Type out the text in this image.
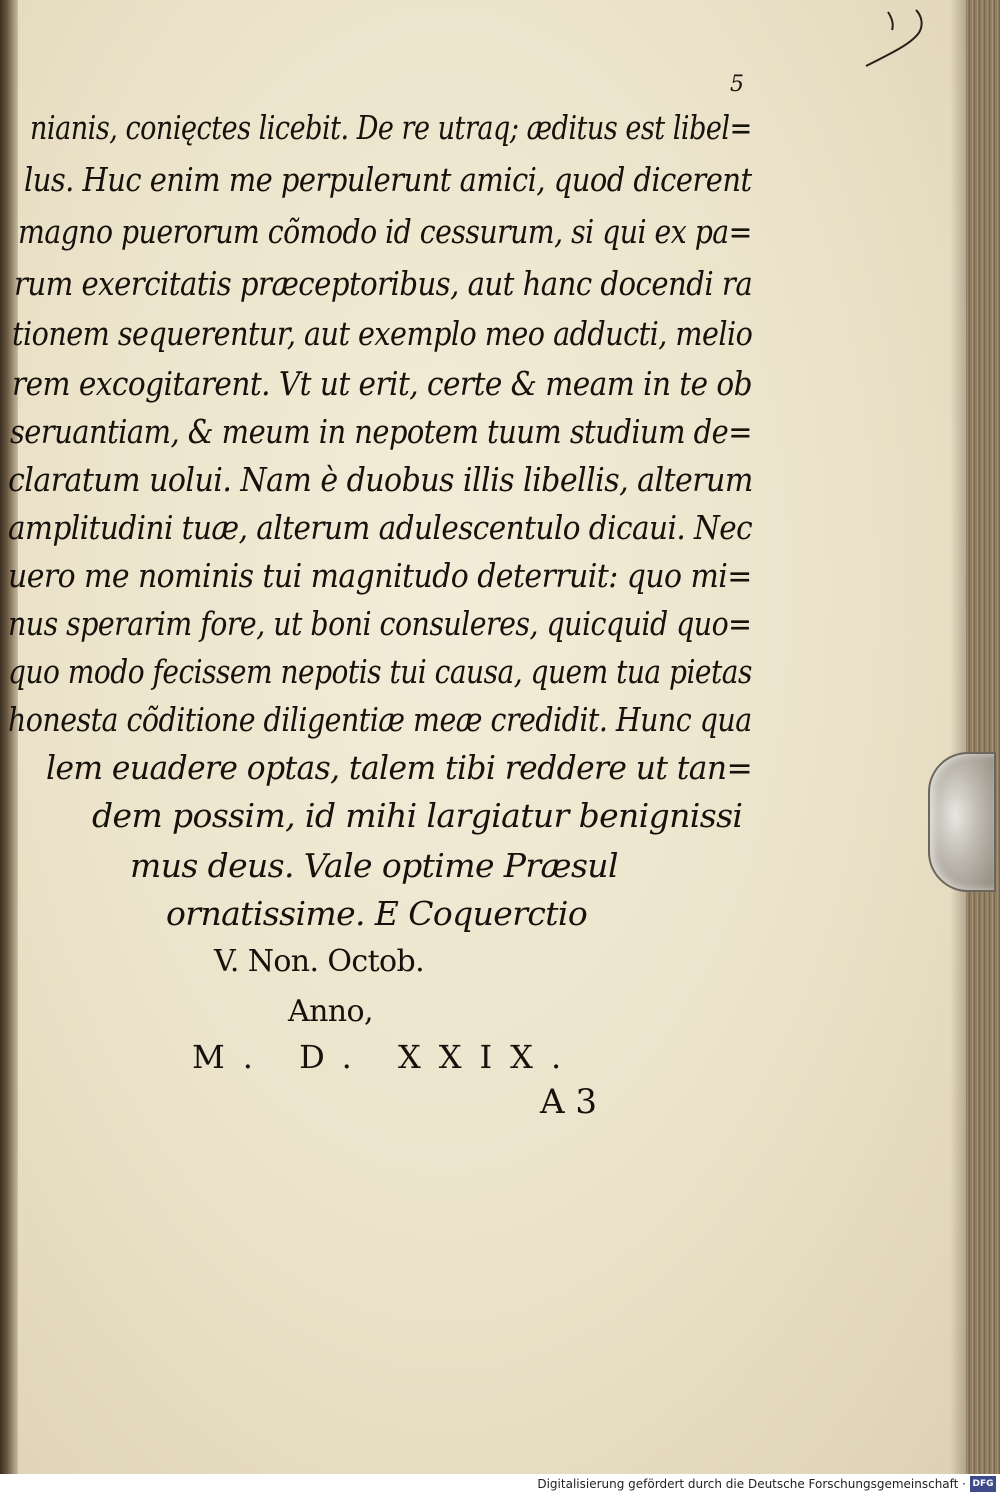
5
nianis, conięctes licebit. De re utraq; æditus est libel=
lus. Huc enim me perpulerunt amici, quod dicerent
magno puerorum cõmodo id cessurum, si qui ex pa=
rum exercitatis præceptoribus, aut hanc docendi ra
tionem sequerentur, aut exemplo meo adducti, melio
rem excogitarent. Vt ut erit, certe & meam in te ob
seruantiam, & meum in nepotem tuum studium de=
claratum uolui. Nam è duobus illis libellis, alterum
amplitudini tuæ, alterum adulescentulo dicaui. Nec
uero me nominis tui magnitudo deterruit: quo mi=
nus sperarim fore, ut boni consuleres, quicquid quo=
quo modo fecissem nepotis tui causa, quem tua pietas
honesta cõditione diligentiæ meæ credidit. Hunc qua
lem euadere optas, talem tibi reddere ut tan=
dem possim, id mihi largiatur benignissi
mus deus. Vale optime Præsul
ornatissime. E Coquerctio
V. Non. Octob.
Anno,
M. D. XXIX.
A 3
Digitalisierung gefördert durch die Deutsche Forschungsgemeinschaft · DFG
